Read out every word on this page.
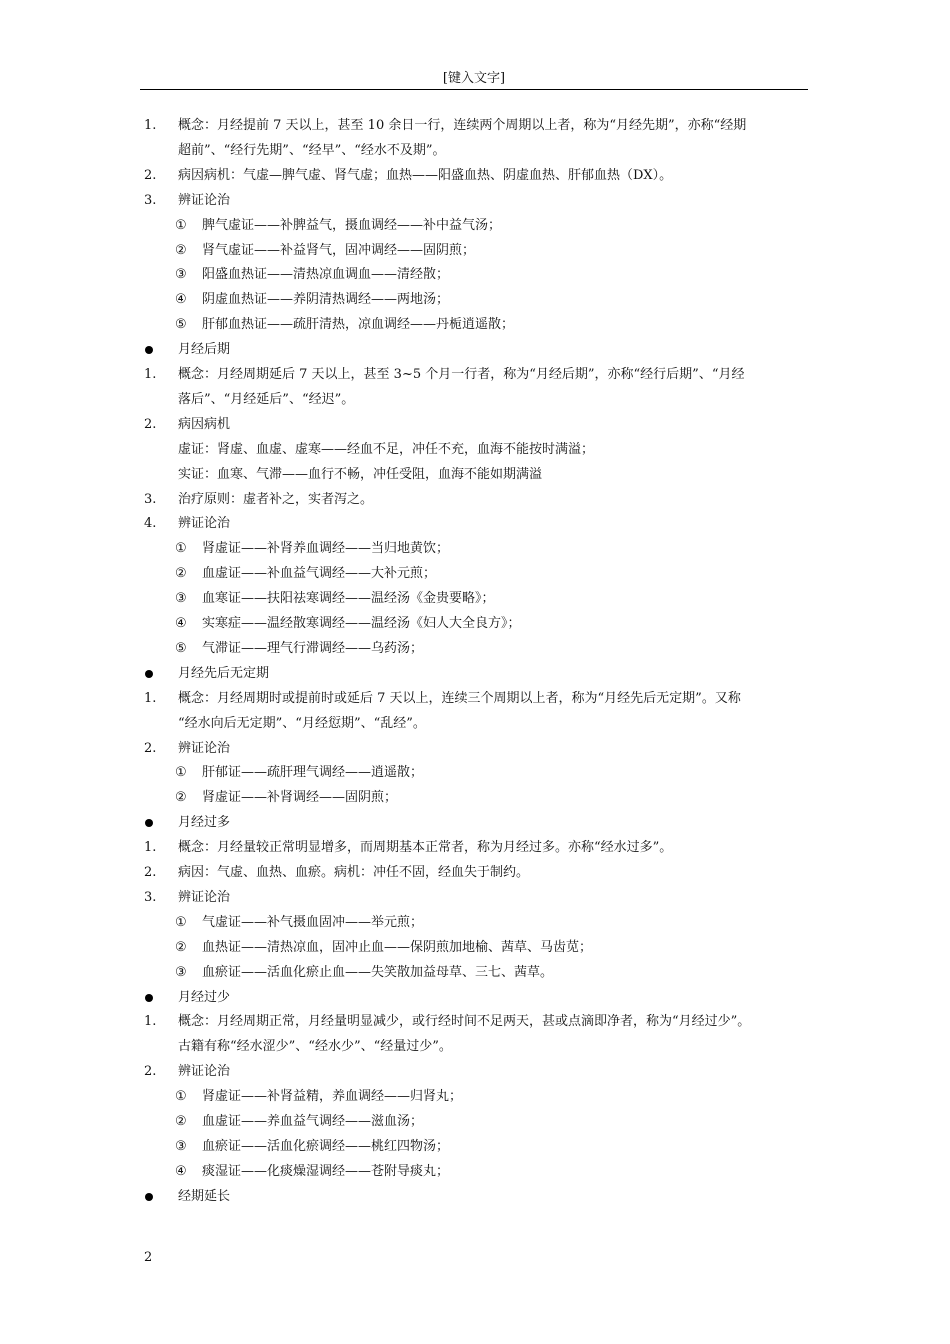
[键入文字]
1. 概念：月经提前 7 天以上，甚至 10 余日一行，连续两个周期以上者，称为“月经先期”，亦称“经期
超前”、“经行先期”、“经早”、“经水不及期”。
2. 病因病机：气虚—脾气虚、肾气虚；血热——阳盛血热、阴虚血热、肝郁血热（DX）。
3. 辨证论治
① 脾气虚证——补脾益气，摄血调经——补中益气汤；
② 肾气虚证——补益肾气，固冲调经——固阴煎；
③ 阳盛血热证——清热凉血调血——清经散；
④ 阴虚血热证——养阴清热调经——两地汤；
⑤ 肝郁血热证——疏肝清热，凉血调经——丹栀逍遥散；
月经后期
1. 概念：月经周期延后 7 天以上，甚至 3~5 个月一行者，称为“月经后期”，亦称“经行后期”、“月经
落后”、“月经延后”、“经迟”。
2. 病因病机
虚证：肾虚、血虚、虚寒——经血不足，冲任不充，血海不能按时满溢；
实证：血寒、气滞——血行不畅，冲任受阻，血海不能如期满溢
3. 治疗原则：虚者补之，实者泻之。
4. 辨证论治
① 肾虚证——补肾养血调经——当归地黄饮；
② 血虚证——补血益气调经——大补元煎；
③ 血寒证——扶阳祛寒调经——温经汤《金贵要略》；
④ 实寒症——温经散寒调经——温经汤《妇人大全良方》；
⑤ 气滞证——理气行滞调经——乌药汤；
月经先后无定期
1. 概念：月经周期时或提前时或延后 7 天以上，连续三个周期以上者，称为“月经先后无定期”。又称
“经水向后无定期”、“月经愆期”、“乱经”。
2. 辨证论治
① 肝郁证——疏肝理气调经——逍遥散；
② 肾虚证——补肾调经——固阴煎；
月经过多
1. 概念：月经量较正常明显增多，而周期基本正常者，称为月经过多。亦称“经水过多”。
2. 病因：气虚、血热、血瘀。病机：冲任不固，经血失于制约。
3. 辨证论治
① 气虚证——补气摄血固冲——举元煎；
② 血热证——清热凉血，固冲止血——保阴煎加地榆、茜草、马齿苋；
③ 血瘀证——活血化瘀止血——失笑散加益母草、三七、茜草。
月经过少
1. 概念：月经周期正常，月经量明显减少，或行经时间不足两天，甚或点滴即净者，称为“月经过少”。
古籍有称“经水涩少”、“经水少”、“经量过少”。
2. 辨证论治
① 肾虚证——补肾益精，养血调经——归肾丸；
② 血虚证——养血益气调经——滋血汤；
③ 血瘀证——活血化瘀调经——桃红四物汤；
④ 痰湿证——化痰燥湿调经——苍附导痰丸；
经期延长
2
